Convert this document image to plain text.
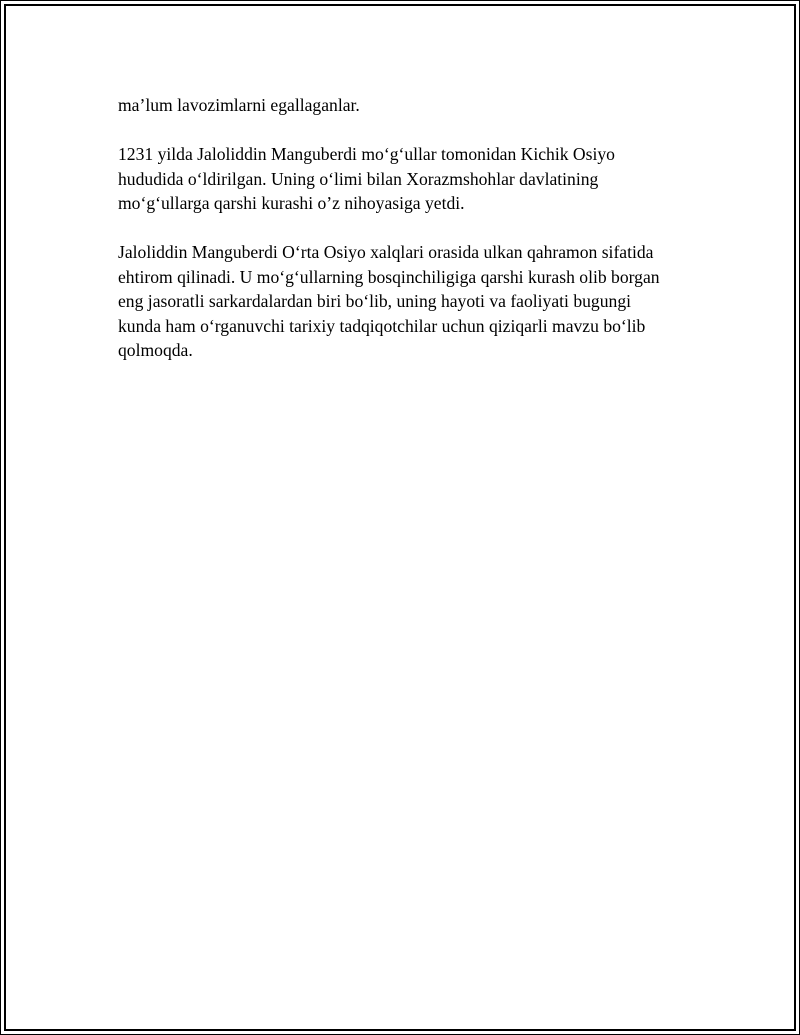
ma’lum lavozimlarni egallaganlar.

1231 yilda Jaloliddin Manguberdi mo‘g‘ullar tomonidan Kichik Osiyo
hududida o‘ldirilgan. Uning o‘limi bilan Xorazmshohlar davlatining
mo‘g‘ullarga qarshi kurashi o’z nihoyasiga yetdi.

Jaloliddin Manguberdi O‘rta Osiyo xalqlari orasida ulkan qahramon sifatida
ehtirom qilinadi. U mo‘g‘ullarning bosqinchiligiga qarshi kurash olib borgan
eng jasoratli sarkardalardan biri bo‘lib, uning hayoti va faoliyati bugungi
kunda ham o‘rganuvchi tarixiy tadqiqotchilar uchun qiziqarli mavzu bo‘lib
qolmoqda.
